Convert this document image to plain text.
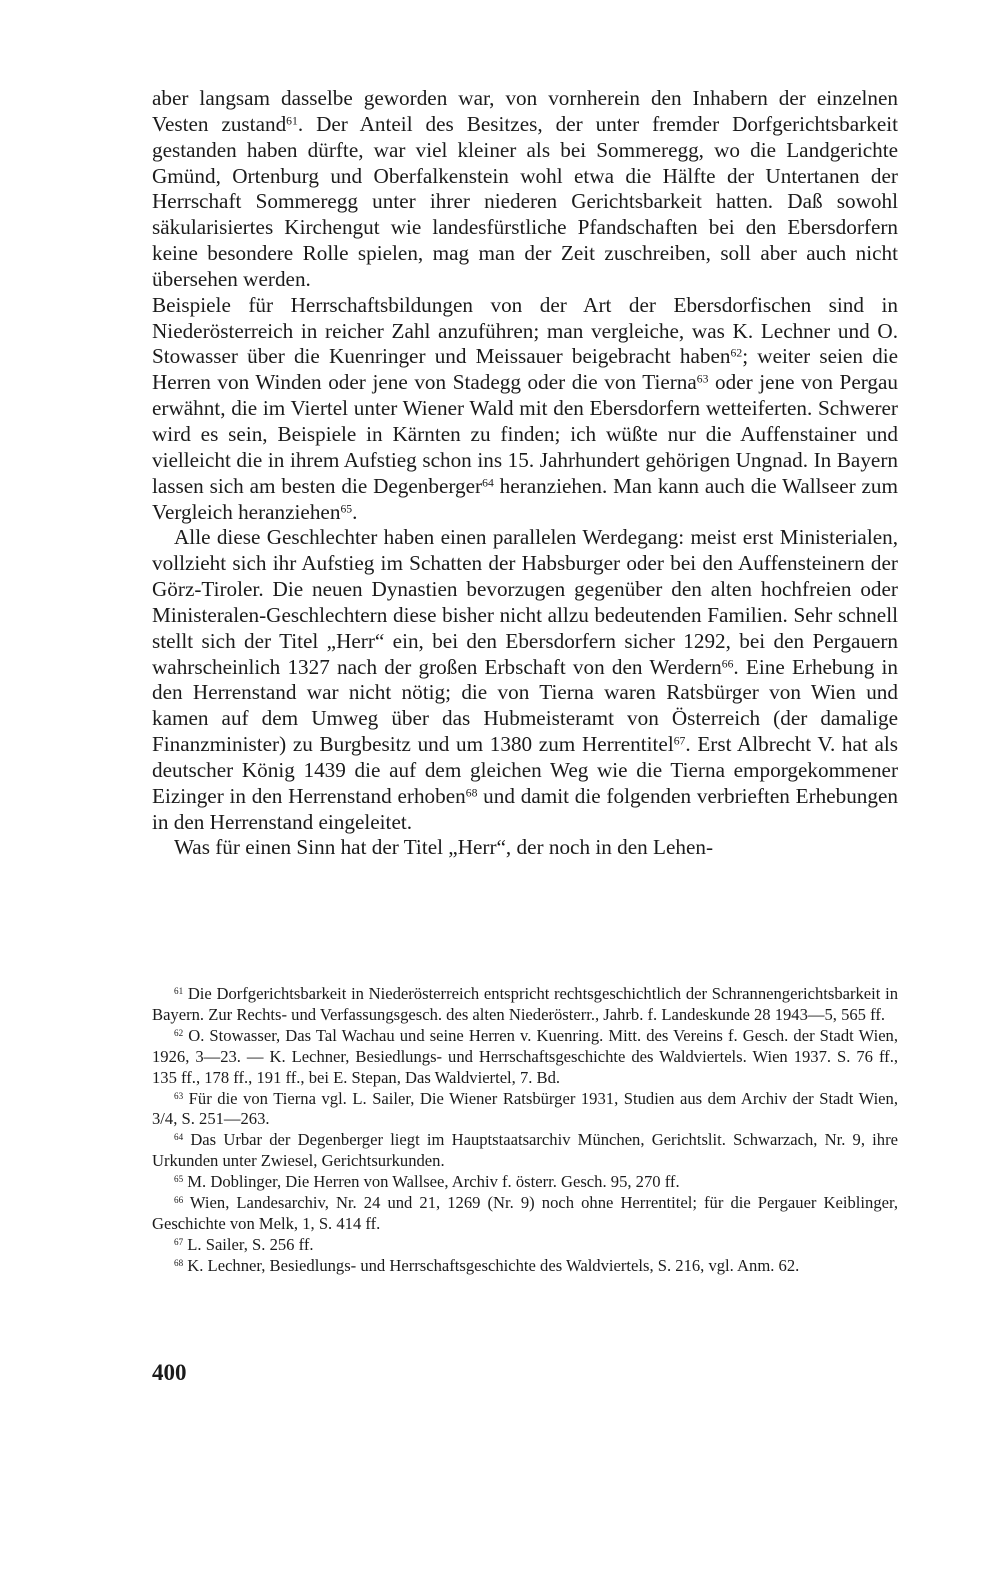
aber langsam dasselbe geworden war, von vornherein den Inhabern der einzelnen Vesten zustand$^{61}$. Der Anteil des Besitzes, der unter fremder Dorfgerichtsbarkeit gestanden haben dürfte, war viel kleiner als bei Sommeregg, wo die Landgerichte Gmünd, Ortenburg und Oberfalkenstein wohl etwa die Hälfte der Untertanen der Herrschaft Sommeregg unter ihrer niederen Gerichtsbarkeit hatten. Daß sowohl säkularisiertes Kirchengut wie landesfürstliche Pfandschaften bei den Ebersdorfern keine besondere Rolle spielen, mag man der Zeit zuschreiben, soll aber auch nicht übersehen werden.

Beispiele für Herrschaftsbildungen von der Art der Ebersdorfischen sind in Niederösterreich in reicher Zahl anzuführen; man vergleiche, was K. Lechner und O. Stowasser über die Kuenringer und Meissauer beigebracht haben$^{62}$; weiter seien die Herren von Winden oder jene von Stadegg oder die von Tierna$^{63}$ oder jene von Pergau erwähnt, die im Viertel unter Wiener Wald mit den Ebersdorfern wetteiferten. Schwerer wird es sein, Beispiele in Kärnten zu finden; ich wüßte nur die Auffenstainer und vielleicht die in ihrem Aufstieg schon ins 15. Jahrhundert gehörigen Ungnad. In Bayern lassen sich am besten die Degenberger$^{64}$ heranziehen. Man kann auch die Wallseer zum Vergleich heranziehen$^{65}$.

Alle diese Geschlechter haben einen parallelen Werdegang: meist erst Ministerialen, vollzieht sich ihr Aufstieg im Schatten der Habsburger oder bei den Auffensteinern der Görz-Tiroler. Die neuen Dynastien bevorzugen gegenüber den alten hochfreien oder Ministeralen-Geschlechtern diese bisher nicht allzu bedeutenden Familien. Sehr schnell stellt sich der Titel „Herr“ ein, bei den Ebersdorfern sicher 1292, bei den Pergauern wahrscheinlich 1327 nach der großen Erbschaft von den Werdern$^{66}$. Eine Erhebung in den Herrenstand war nicht nötig; die von Tierna waren Ratsbürger von Wien und kamen auf dem Umweg über das Hubmeisteramt von Österreich (der damalige Finanzminister) zu Burgbesitz und um 1380 zum Herrentitel$^{67}$. Erst Albrecht V. hat als deutscher König 1439 die auf dem gleichen Weg wie die Tierna emporgekommener Eizinger in den Herrenstand erhoben$^{68}$ und damit die folgenden verbrieften Erhebungen in den Herrenstand eingeleitet.

Was für einen Sinn hat der Titel „Herr“, der noch in den Lehen-

$^{61}$ Die Dorfgerichtsbarkeit in Niederösterreich entspricht rechtsgeschichtlich der Schrannengerichtsbarkeit in Bayern. Zur Rechts- und Verfassungsgesch. des alten Niederösterr., Jahrb. f. Landeskunde 28 1943—5, 565 ff.

$^{62}$ O. Stowasser, Das Tal Wachau und seine Herren v. Kuenring. Mitt. des Vereins f. Gesch. der Stadt Wien, 1926, 3—23. — K. Lechner, Besiedlungs- und Herrschaftsgeschichte des Waldviertels. Wien 1937. S. 76 ff., 135 ff., 178 ff., 191 ff., bei E. Stepan, Das Waldviertel, 7. Bd.

$^{63}$ Für die von Tierna vgl. L. Sailer, Die Wiener Ratsbürger 1931, Studien aus dem Archiv der Stadt Wien, 3/4, S. 251—263.

$^{64}$ Das Urbar der Degenberger liegt im Hauptstaatsarchiv München, Gerichtslit. Schwarzach, Nr. 9, ihre Urkunden unter Zwiesel, Gerichtsurkunden.

$^{65}$ M. Doblinger, Die Herren von Wallsee, Archiv f. österr. Gesch. 95, 270 ff.

$^{66}$ Wien, Landesarchiv, Nr. 24 und 21, 1269 (Nr. 9) noch ohne Herrentitel; für die Pergauer Keiblinger, Geschichte von Melk, 1, S. 414 ff.

$^{67}$ L. Sailer, S. 256 ff.

$^{68}$ K. Lechner, Besiedlungs- und Herrschaftsgeschichte des Waldviertels, S. 216, vgl. Anm. 62.

400
